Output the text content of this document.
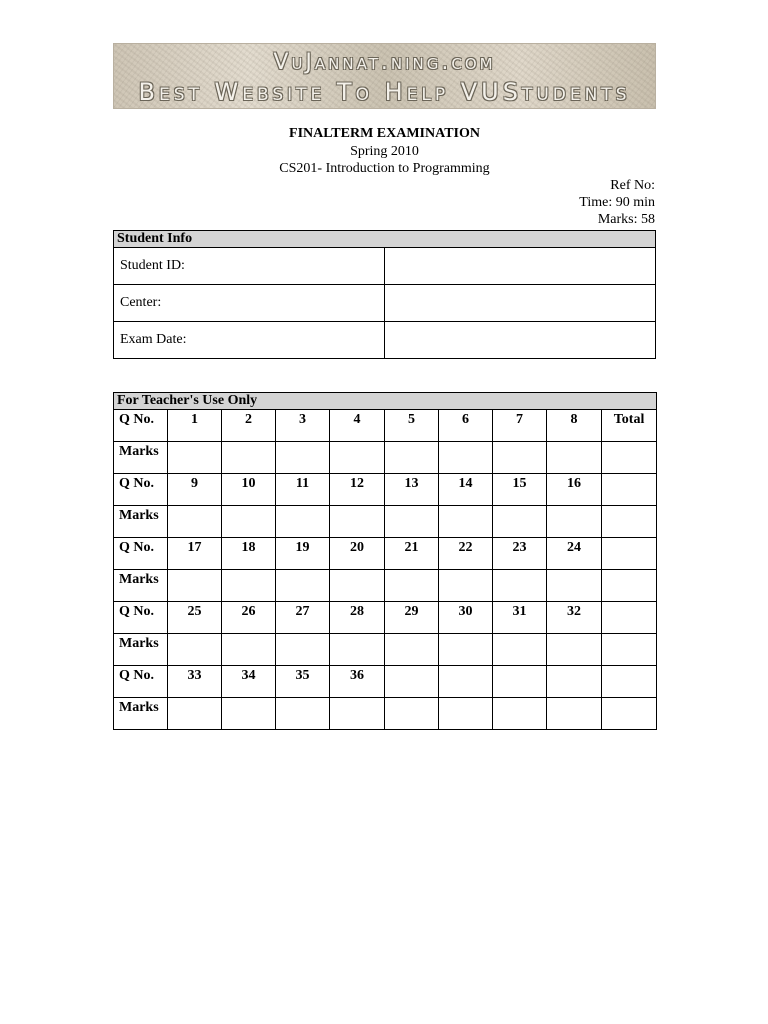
VuJannat.ning.com
Best Website To Help VUStudents
FINALTERM EXAMINATION
Spring 2010
CS201- Introduction to Programming
Ref No:
Time: 90 min
Marks: 58
Student Info	
Student ID:	
Center:	
Exam Date:	
For Teacher's Use Only									
Q No.	1	2	3	4	5	6	7	8	Total
Marks									
Q No.	9	10	11	12	13	14	15	16	
Marks									
Q No.	17	18	19	20	21	22	23	24	
Marks									
Q No.	25	26	27	28	29	30	31	32	
Marks									
Q No.	33	34	35	36					
Marks									
